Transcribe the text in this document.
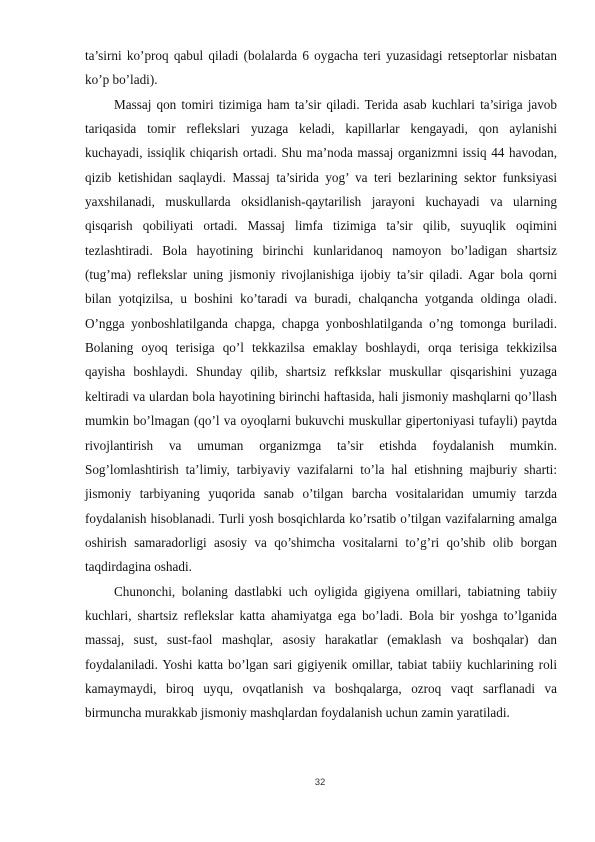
ta’sirni ko’proq qabul qiladi (bolalarda 6 oygacha teri yuzasidagi retseptorlar nisbatan ko’p bo’ladi).

Massaj qon tomiri tizimiga ham ta’sir qiladi. Terida asab kuchlari ta’siriga javob tariqasida tomir reflekslari yuzaga keladi, kapillarlar kengayadi, qon aylanishi kuchayadi, issiqlik chiqarish ortadi. Shu ma’noda massaj organizmni issiq 44 havodan, qizib ketishidan saqlaydi. Massaj ta’sirida yog’ va teri bezlarining sektor funksiyasi yaxshilanadi, muskullarda oksidlanish-qaytarilish jarayoni kuchayadi va ularning qisqarish qobiliyati ortadi. Massaj limfa tizimiga ta’sir qilib, suyuqlik oqimini tezlashtiradi. Bola hayotining birinchi kunlaridanoq namoyon bo’ladigan shartsiz (tug’ma) reflekslar uning jismoniy rivojlanishiga ijobiy ta’sir qiladi. Agar bola qorni bilan yotqizilsa, u boshini ko’taradi va buradi, chalqancha yotganda oldinga oladi. O’ngga yonboshlatilganda chapga, chapga yonboshlatilganda o’ng tomonga buriladi. Bolaning oyoq terisiga qo’l tekkazilsa emaklay boshlaydi, orqa terisiga tekkizilsa qayisha boshlaydi. Shunday qilib, shartsiz refkkslar muskullar qisqarishini yuzaga keltiradi va ulardan bola hayotining birinchi haftasida, hali jismoniy mashqlarni qo’llash mumkin bo’lmagan (qo’l va oyoqlarni bukuvchi muskullar gipertoniyasi tufayli) paytda rivojlantirish va umuman organizmga ta’sir etishda foydalanish mumkin. Sog’lomlashtirish ta’limiy, tarbiyaviy vazifalarni to’la hal etishning majburiy sharti: jismoniy tarbiyaning yuqorida sanab o’tilgan barcha vositalaridan umumiy tarzda foydalanish hisoblanadi. Turli yosh bosqichlarda ko’rsatib o’tilgan vazifalarning amalga oshirish samaradorligi asosiy va qo’shimcha vositalarni to’g’ri qo’shib olib borgan taqdirdagina oshadi.

Chunonchi, bolaning dastlabki uch oyligida gigiyena omillari, tabiatning tabiiy kuchlari, shartsiz reflekslar katta ahamiyatga ega bo’ladi. Bola bir yoshga to’lganida massaj, sust, sust-faol mashqlar, asosiy harakatlar (emaklash va boshqalar) dan foydalaniladi. Yoshi katta bo’lgan sari gigiyenik omillar, tabiat tabiiy kuchlarining roli kamaymaydi, biroq uyqu, ovqatlanish va boshqalarga, ozroq vaqt sarflanadi va birmuncha murakkab jismoniy mashqlardan foydalanish uchun zamin yaratiladi.

32
